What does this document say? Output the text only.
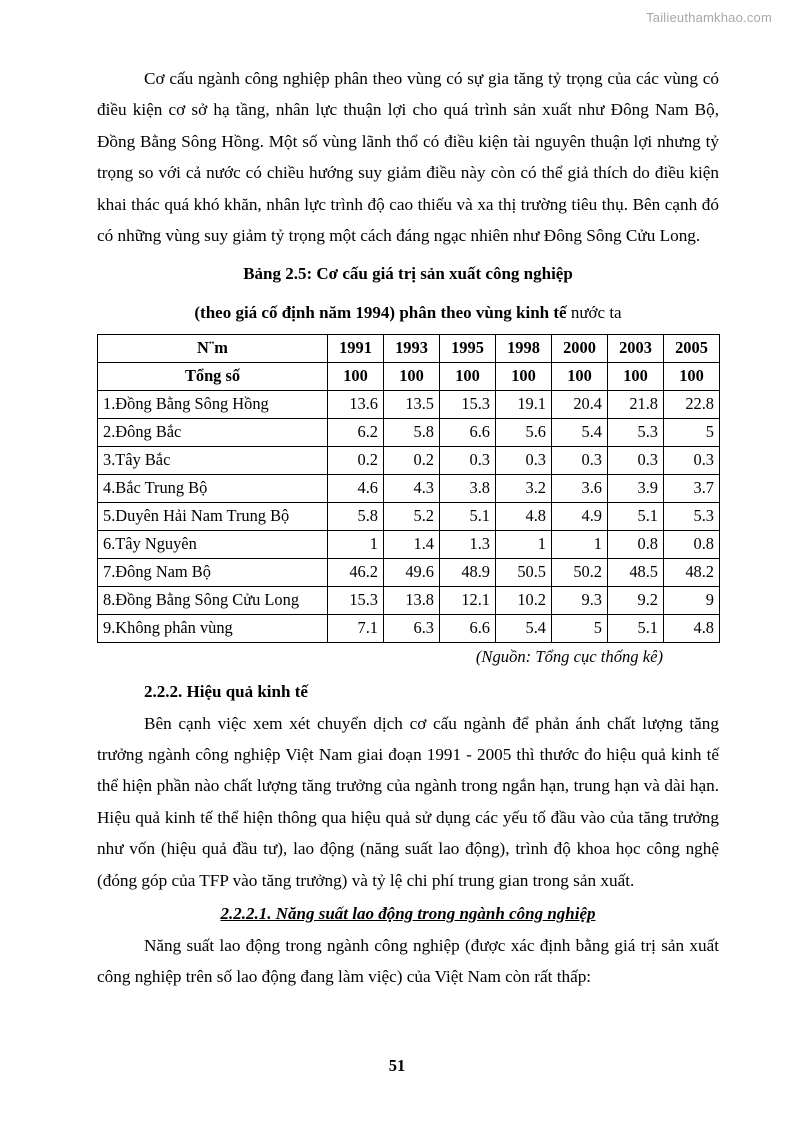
Tailieuthamkhao.com

Cơ cấu ngành công nghiệp phân theo vùng có sự gia tăng tỷ trọng của các vùng có điều kiện cơ sở hạ tầng, nhân lực thuận lợi cho quá trình sản xuất như Đông Nam Bộ, Đồng Bằng Sông Hồng. Một số vùng lãnh thổ có điều kiện tài nguyên thuận lợi nhưng tỷ trọng so với cả nước có chiều hướng suy giảm điều này còn có thể giả thích do điều kiện khai thác quá khó khăn, nhân lực trình độ cao thiếu và xa thị trường tiêu thụ. Bên cạnh đó có những vùng suy giảm tỷ trọng một cách đáng ngạc nhiên như Đông Sông Cửu Long.

Bảng 2.5: Cơ cấu giá trị sản xuất công nghiệp

(theo giá cố định năm 1994) phân theo vùng kinh tế nước ta

N¨m	1991	1993	1995	1998	2000	2003	2005
Tổng số	100	100	100	100	100	100	100
1.Đồng Bằng Sông Hồng	13.6	13.5	15.3	19.1	20.4	21.8	22.8
2.Đông Bắc	6.2	5.8	6.6	5.6	5.4	5.3	5
3.Tây Bắc	0.2	0.2	0.3	0.3	0.3	0.3	0.3
4.Bắc Trung Bộ	4.6	4.3	3.8	3.2	3.6	3.9	3.7
5.Duyên Hải Nam Trung Bộ	5.8	5.2	5.1	4.8	4.9	5.1	5.3
6.Tây Nguyên	1	1.4	1.3	1	1	0.8	0.8
7.Đông Nam Bộ	46.2	49.6	48.9	50.5	50.2	48.5	48.2
8.Đồng Bằng Sông Cửu Long	15.3	13.8	12.1	10.2	9.3	9.2	9
9.Không phân vùng	7.1	6.3	6.6	5.4	5	5.1	4.8

(Nguồn: Tổng cục thống kê)

2.2.2. Hiệu quả kinh tế

Bên cạnh việc xem xét chuyển dịch cơ cấu ngành để phản ánh chất lượng tăng trưởng ngành công nghiệp Việt Nam giai đoạn 1991 - 2005 thì thước đo hiệu quả kinh tế thể hiện phần nào chất lượng tăng trưởng của ngành trong ngắn hạn, trung hạn và dài hạn. Hiệu quả kinh tế thể hiện thông qua hiệu quả sử dụng các yếu tố đầu vào của tăng trưởng như vốn (hiệu quả đầu tư), lao động (năng suất lao động), trình độ khoa học công nghệ (đóng góp của TFP vào tăng trưởng) và tỷ lệ chi phí trung gian trong sản xuất.

2.2.2.1. Năng suất lao động trong ngành công nghiệp

Năng suất lao động trong ngành công nghiệp (được xác định bằng giá trị sản xuất công nghiệp trên số lao động đang làm việc) của Việt Nam còn rất thấp:

51
